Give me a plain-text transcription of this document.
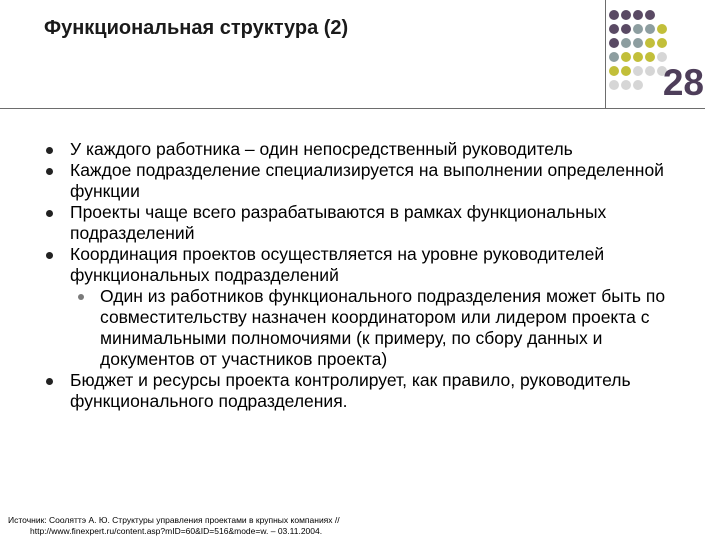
Функциональная структура (2)
28
У каждого работника – один непосредственный руководитель
Каждое подразделение специализируется на выполнении определенной функции
Проекты чаще всего разрабатываются в рамках функциональных подразделений
Координация проектов осуществляется на уровне руководителей функциональных подразделений
Один из работников функционального подразделения может быть по совместительству назначен координатором или лидером проекта с минимальными полномочиями (к примеру, по сбору данных и документов от участников проекта)
Бюджет и ресурсы проекта контролирует, как правило, руководитель функционального подразделения.
Источник: Сооляттэ А. Ю. Структуры управления проектами в крупных компаниях //
http://www.finexpert.ru/content.asp?mID=60&ID=516&mode=w. – 03.11.2004.
